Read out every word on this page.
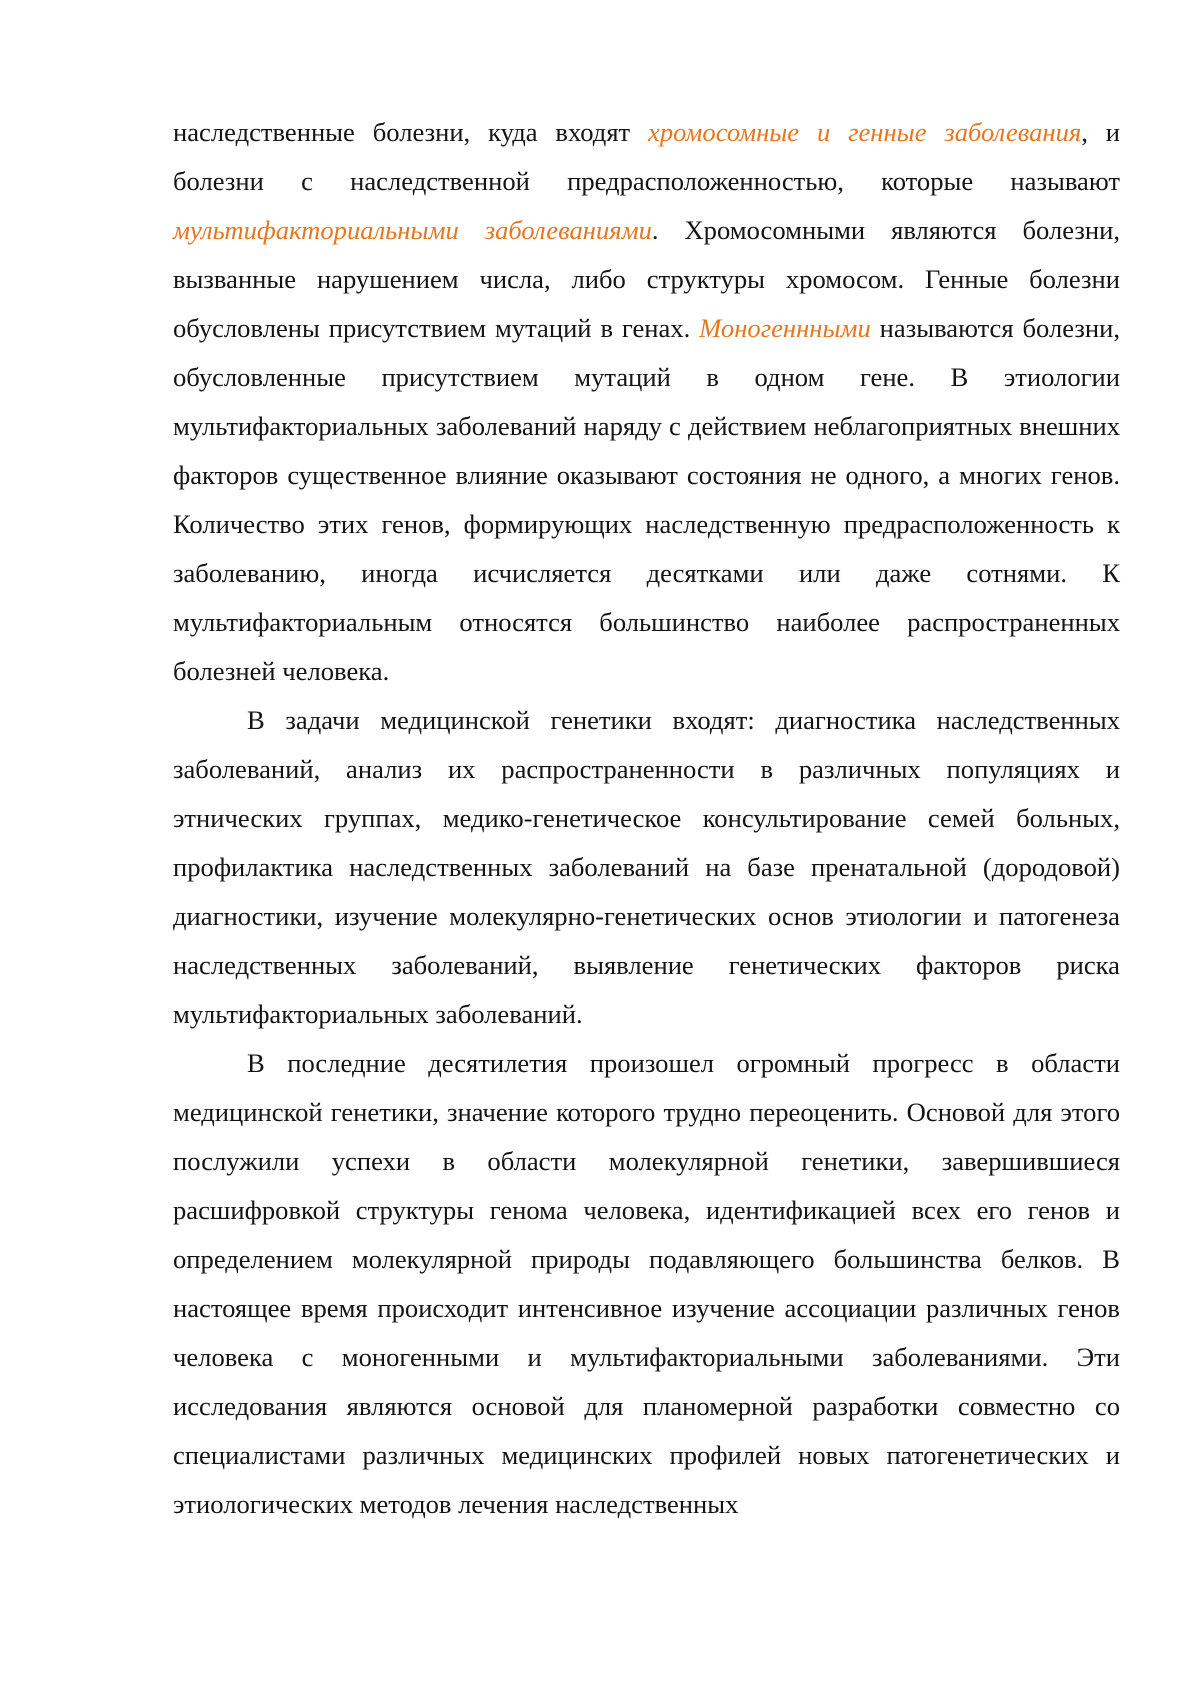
наследственные болезни, куда входят хромосомные и генные заболевания, и болезни с наследственной предрасположенностью, которые называют мультифакториальными заболеваниями. Хромосомными являются болезни, вызванные нарушением числа, либо структуры хромосом. Генные болезни обусловлены присутствием мутаций в генах. Моногеннными называются болезни, обусловленные присутствием мутаций в одном гене. В этиологии мультифакториальных заболеваний наряду с действием неблагоприятных внешних факторов существенное влияние оказывают состояния не одного, а многих генов. Количество этих генов, формирующих наследственную предрасположенность к заболеванию, иногда исчисляется десятками или даже сотнями. К мультифакториальным относятся большинство наиболее распространенных болезней человека.

В задачи медицинской генетики входят: диагностика наследственных заболеваний, анализ их распространенности в различных популяциях и этнических группах, медико-генетическое консультирование семей больных, профилактика наследственных заболеваний на базе пренатальной (дородовой) диагностики, изучение молекулярно-генетических основ этиологии и патогенеза наследственных заболеваний, выявление генетических факторов риска мультифакториальных заболеваний.

В последние десятилетия произошел огромный прогресс в области медицинской генетики, значение которого трудно переоценить. Основой для этого послужили успехи в области молекулярной генетики, завершившиеся расшифровкой структуры генома человека, идентификацией всех его генов и определением молекулярной природы подавляющего большинства белков. В настоящее время происходит интенсивное изучение ассоциации различных генов человека с моногенными и мультифакториальными заболеваниями. Эти исследования являются основой для планомерной разработки совместно со специалистами различных медицинских профилей новых патогенетических и этиологических методов лечения наследственных
